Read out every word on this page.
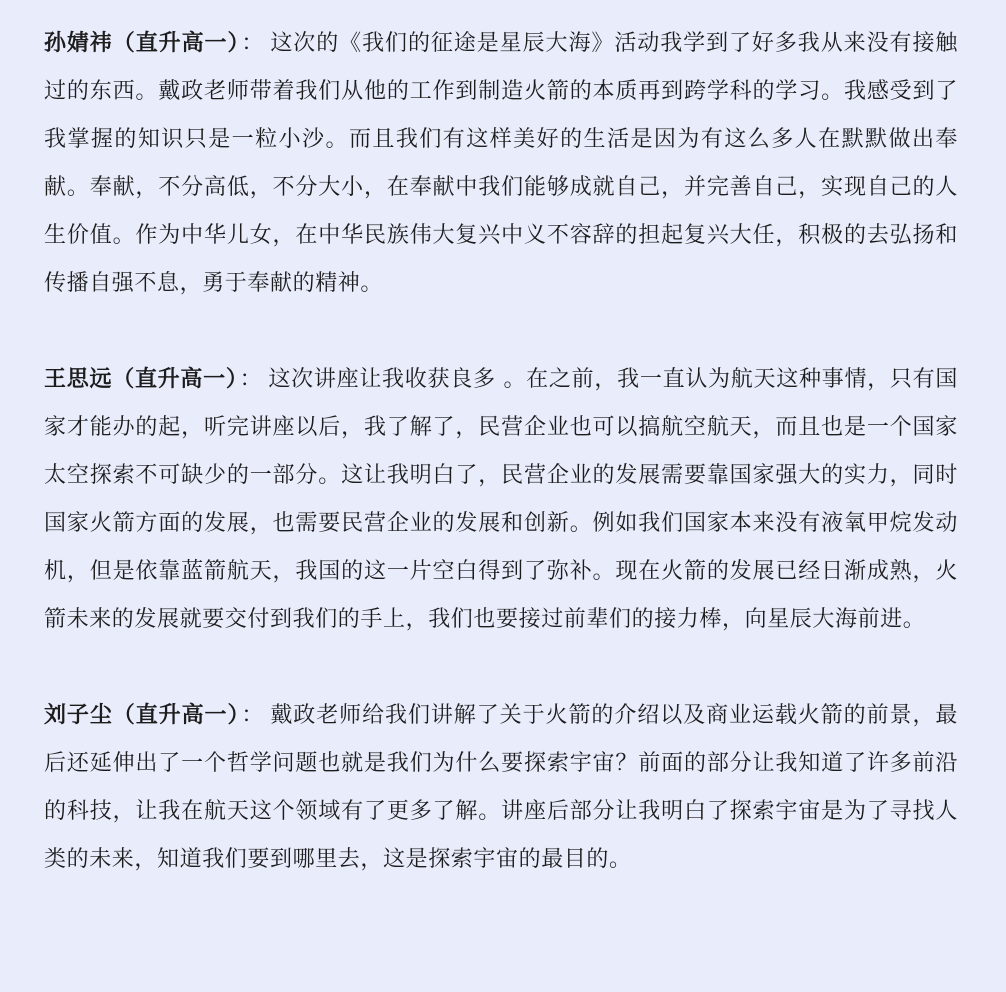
孙婧祎（直升高一）： 这次的《我们的征途是星辰大海》活动我学到了好多我从来没有接触过的东西。戴政老师带着我们从他的工作到制造火箭的本质再到跨学科的学习。我感受到了我掌握的知识只是一粒小沙。而且我们有这样美好的生活是因为有这么多人在默默做出奉献。奉献，不分高低，不分大小，在奉献中我们能够成就自己，并完善自己，实现自己的人生价值。作为中华儿女，在中华民族伟大复兴中义不容辞的担起复兴大任，积极的去弘扬和传播自强不息，勇于奉献的精神。

王思远（直升高一）： 这次讲座让我收获良多 。在之前，我一直认为航天这种事情，只有国家才能办的起，听完讲座以后，我了解了，民营企业也可以搞航空航天，而且也是一个国家太空探索不可缺少的一部分。这让我明白了，民营企业的发展需要靠国家强大的实力，同时国家火箭方面的发展，也需要民营企业的发展和创新。例如我们国家本来没有液氧甲烷发动机，但是依靠蓝箭航天，我国的这一片空白得到了弥补。现在火箭的发展已经日渐成熟，火箭未来的发展就要交付到我们的手上，我们也要接过前辈们的接力棒，向星辰大海前进。

刘子尘（直升高一）： 戴政老师给我们讲解了关于火箭的介绍以及商业运载火箭的前景，最后还延伸出了一个哲学问题也就是我们为什么要探索宇宙？前面的部分让我知道了许多前沿的科技，让我在航天这个领域有了更多了解。讲座后部分让我明白了探索宇宙是为了寻找人类的未来，知道我们要到哪里去，这是探索宇宙的最目的。
